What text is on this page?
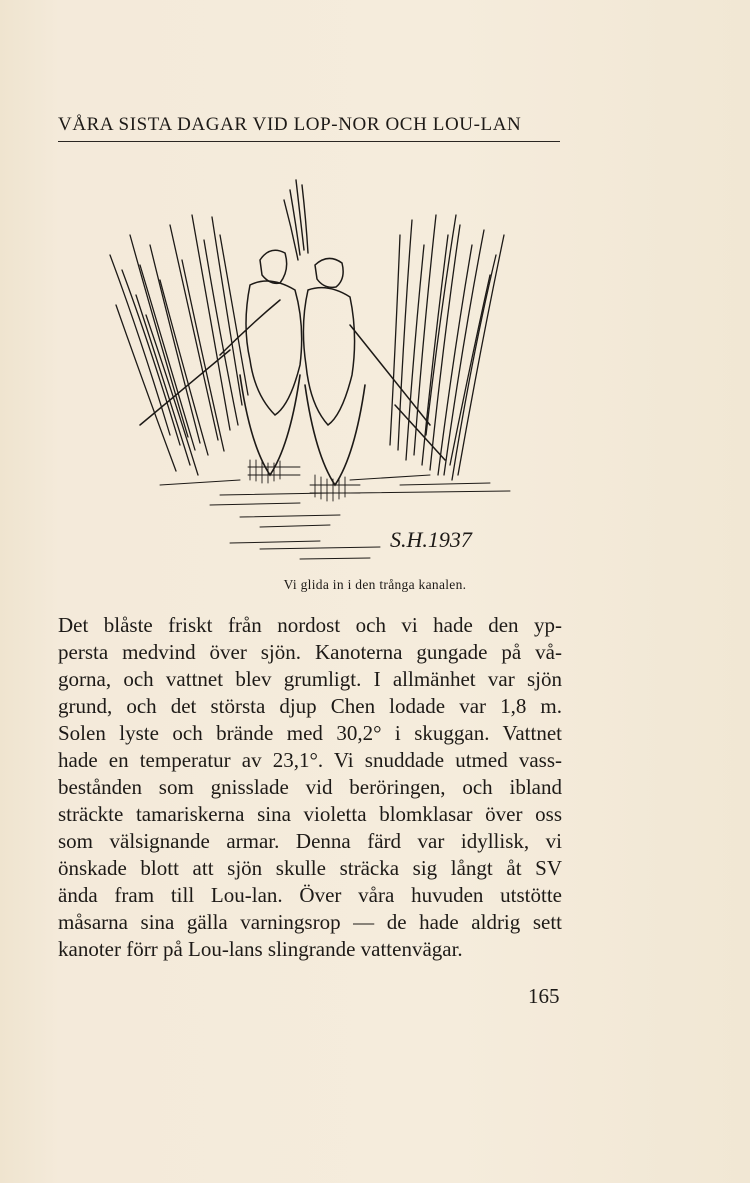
VÅRA SISTA DAGAR VID LOP-NOR OCH LOU-LAN
S.H.1937
Vi glida in i den trånga kanalen.
Det blåste friskt från nordost och vi hade den yp-
persta medvind över sjön. Kanoterna gungade på vå-
gorna, och vattnet blev grumligt. I allmänhet var sjön
grund, och det största djup Chen lodade var 1,8 m.
Solen lyste och brände med 30,2° i skuggan. Vattnet
hade en temperatur av 23,1°. Vi snuddade utmed vass-
bestånden som gnisslade vid beröringen, och ibland
sträckte tamariskerna sina violetta blomklasar över oss
som välsignande armar. Denna färd var idyllisk, vi
önskade blott att sjön skulle sträcka sig långt åt SV
ända fram till Lou-lan. Över våra huvuden utstötte
måsarna sina gälla varningsrop — de hade aldrig sett
kanoter förr på Lou-lans slingrande vattenvägar.
165
